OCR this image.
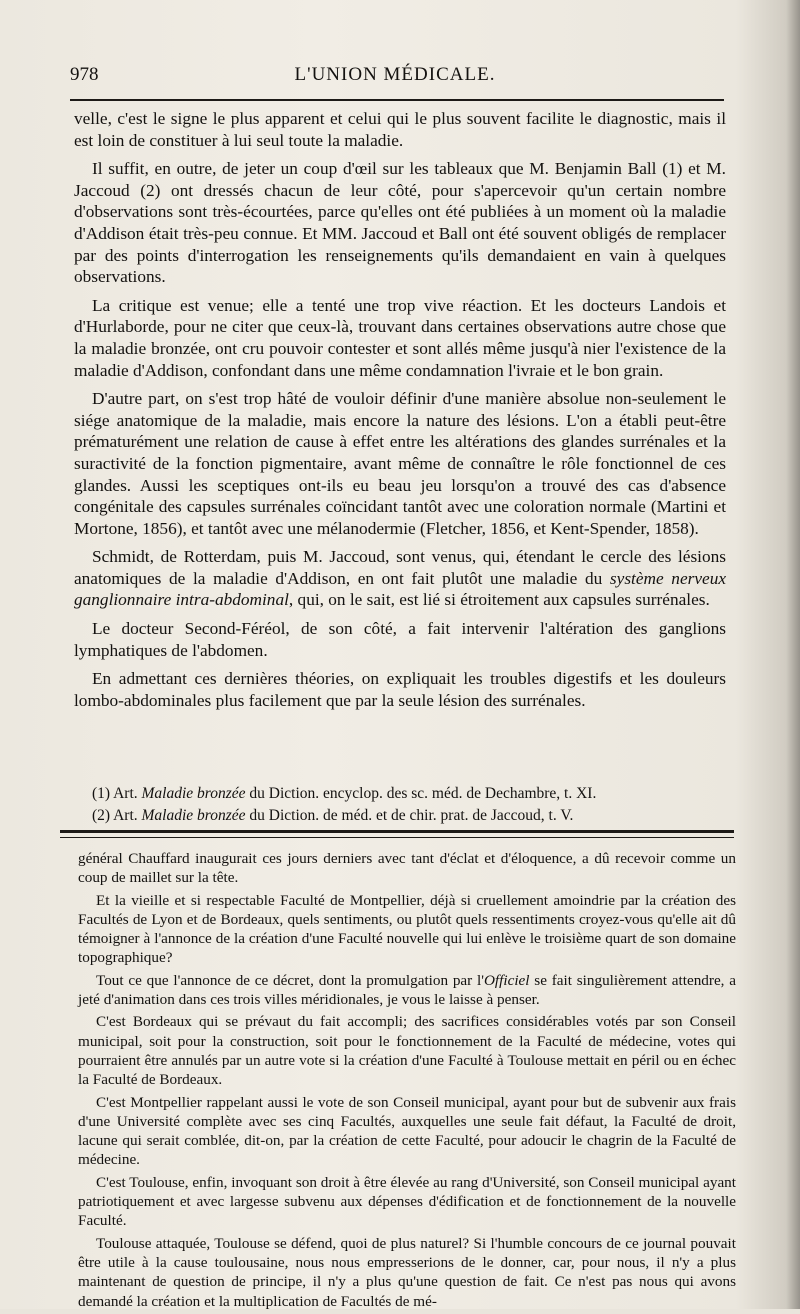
978	L'UNION MÉDICALE.

velle, c'est le signe le plus apparent et celui qui le plus souvent facilite le diagnostic, mais il est loin de constituer à lui seul toute la maladie.

Il suffit, en outre, de jeter un coup d'œil sur les tableaux que M. Benjamin Ball (1) et M. Jaccoud (2) ont dressés chacun de leur côté, pour s'apercevoir qu'un certain nombre d'observations sont très-écourtées, parce qu'elles ont été publiées à un moment où la maladie d'Addison était très-peu connue. Et MM. Jaccoud et Ball ont été souvent obligés de remplacer par des points d'interrogation les renseignements qu'ils demandaient en vain à quelques observations.

La critique est venue; elle a tenté une trop vive réaction. Et les docteurs Landois et d'Hurlaborde, pour ne citer que ceux-là, trouvant dans certaines observations autre chose que la maladie bronzée, ont cru pouvoir contester et sont allés même jusqu'à nier l'existence de la maladie d'Addison, confondant dans une même condamnation l'ivraie et le bon grain.

D'autre part, on s'est trop hâté de vouloir définir d'une manière absolue non-seulement le siége anatomique de la maladie, mais encore la nature des lésions. L'on a établi peut-être prématurément une relation de cause à effet entre les altérations des glandes surrénales et la suractivité de la fonction pigmentaire, avant même de connaître le rôle fonctionnel de ces glandes. Aussi les sceptiques ont-ils eu beau jeu lorsqu'on a trouvé des cas d'absence congénitale des capsules surrénales coïncidant tantôt avec une coloration normale (Martini et Mortone, 1856), et tantôt avec une mélanodermie (Fletcher, 1856, et Kent-Spender, 1858).

Schmidt, de Rotterdam, puis M. Jaccoud, sont venus, qui, étendant le cercle des lésions anatomiques de la maladie d'Addison, en ont fait plutôt une maladie du système nerveux ganglionnaire intra-abdominal, qui, on le sait, est lié si étroitement aux capsules surrénales.

Le docteur Second-Féréol, de son côté, a fait intervenir l'altération des ganglions lymphatiques de l'abdomen.

En admettant ces dernières théories, on expliquait les troubles digestifs et les douleurs lombo-abdominales plus facilement que par la seule lésion des surrénales.

(1) Art. Maladie bronzée du Diction. encyclop. des sc. méd. de Dechambre, t. XI.
(2) Art. Maladie bronzée du Diction. de méd. et de chir. prat. de Jaccoud, t. V.

général Chauffard inaugurait ces jours derniers avec tant d'éclat et d'éloquence, a dû recevoir comme un coup de maillet sur la tête.

Et la vieille et si respectable Faculté de Montpellier, déjà si cruellement amoindrie par la création des Facultés de Lyon et de Bordeaux, quels sentiments, ou plutôt quels ressentiments croyez-vous qu'elle ait dû témoigner à l'annonce de la création d'une Faculté nouvelle qui lui enlève le troisième quart de son domaine topographique?

Tout ce que l'annonce de ce décret, dont la promulgation par l'Officiel se fait singulièrement attendre, a jeté d'animation dans ces trois villes méridionales, je vous le laisse à penser.

C'est Bordeaux qui se prévaut du fait accompli; des sacrifices considérables votés par son Conseil municipal, soit pour la construction, soit pour le fonctionnement de la Faculté de médecine, votes qui pourraient être annulés par un autre vote si la création d'une Faculté à Toulouse mettait en péril ou en échec la Faculté de Bordeaux.

C'est Montpellier rappelant aussi le vote de son Conseil municipal, ayant pour but de subvenir aux frais d'une Université complète avec ses cinq Facultés, auxquelles une seule fait défaut, la Faculté de droit, lacune qui serait comblée, dit-on, par la création de cette Faculté, pour adoucir le chagrin de la Faculté de médecine.

C'est Toulouse, enfin, invoquant son droit à être élevée au rang d'Université, son Conseil municipal ayant patriotiquement et avec largesse subvenu aux dépenses d'édification et de fonctionnement de la nouvelle Faculté.

Toulouse attaquée, Toulouse se défend, quoi de plus naturel? Si l'humble concours de ce journal pouvait être utile à la cause toulousaine, nous nous empresserions de le donner, car, pour nous, il n'y a plus maintenant de question de principe, il n'y a plus qu'une question de fait. Ce n'est pas nous qui avons demandé la création et la multiplication de Facultés de mé-
